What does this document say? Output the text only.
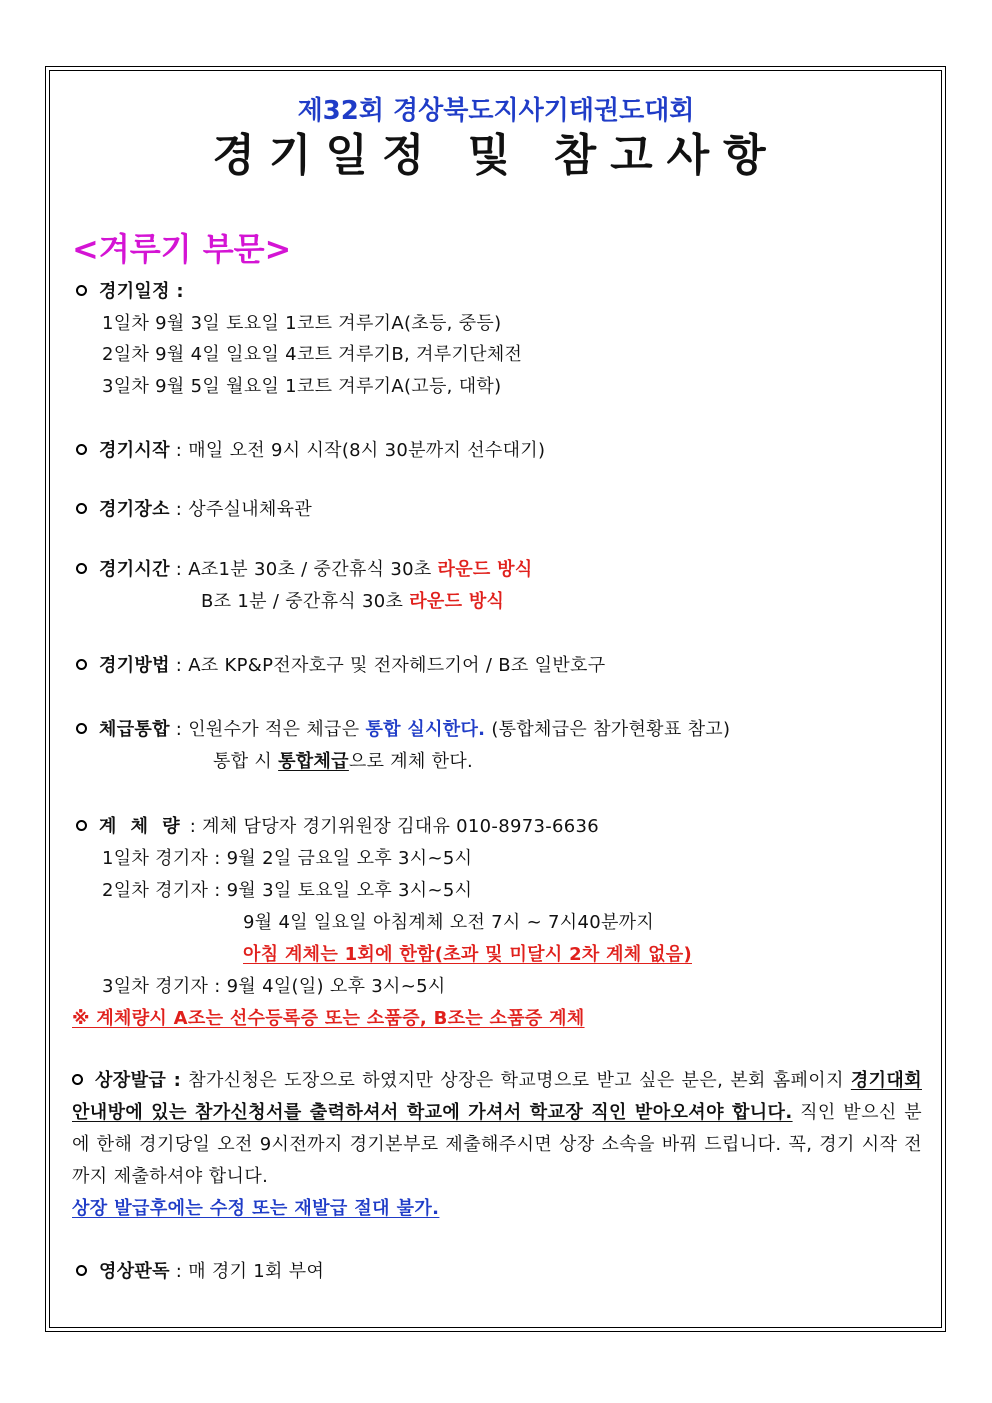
제32회 경상북도지사기태권도대회
경기일정 및 참고사항
<겨루기 부문>
경기일정 :
1일차 9월 3일 토요일 1코트 겨루기A(초등, 중등)
2일차 9월 4일 일요일 4코트 겨루기B, 겨루기단체전
3일차 9월 5일 월요일 1코트 겨루기A(고등, 대학)
경기시작 : 매일 오전 9시 시작(8시 30분까지 선수대기)
경기장소 : 상주실내체육관
경기시간 : A조1분 30초 / 중간휴식 30초 라운드 방식
B조 1분 / 중간휴식 30초 라운드 방식
경기방법 : A조 KP&P전자호구 및 전자헤드기어 / B조 일반호구
체급통합 : 인원수가 적은 체급은 통합 실시한다. (통합체급은 참가현황표 참고)
통합 시 통합체급으로 계체 한다.
계 체 량 : 계체 담당자 경기위원장 김대유 010-8973-6636
1일차 경기자 : 9월 2일 금요일 오후 3시~5시
2일차 경기자 : 9월 3일 토요일 오후 3시~5시
9월 4일 일요일 아침계체 오전 7시 ~ 7시40분까지
아침 계체는 1회에 한함(초과 및 미달시 2차 계체 없음)
3일차 경기자 : 9월 4일(일) 오후 3시~5시
※ 계체량시 A조는 선수등록증 또는 소품증, B조는 소품증 계체
상장발급 : 참가신청은 도장으로 하였지만 상장은 학교명으로 받고 싶은 분은, 본회 홈페이지 경기대회안내방에 있는 참가신청서를 출력하셔서 학교에 가셔서 학교장 직인 받아오셔야 합니다. 직인 받으신 분에 한해 경기당일 오전 9시전까지 경기본부로 제출해주시면 상장 소속을 바꿔 드립니다. 꼭, 경기 시작 전까지 제출하셔야 합니다.
상장 발급후에는 수정 또는 재발급 절대 불가.
영상판독 : 매 경기 1회 부여
